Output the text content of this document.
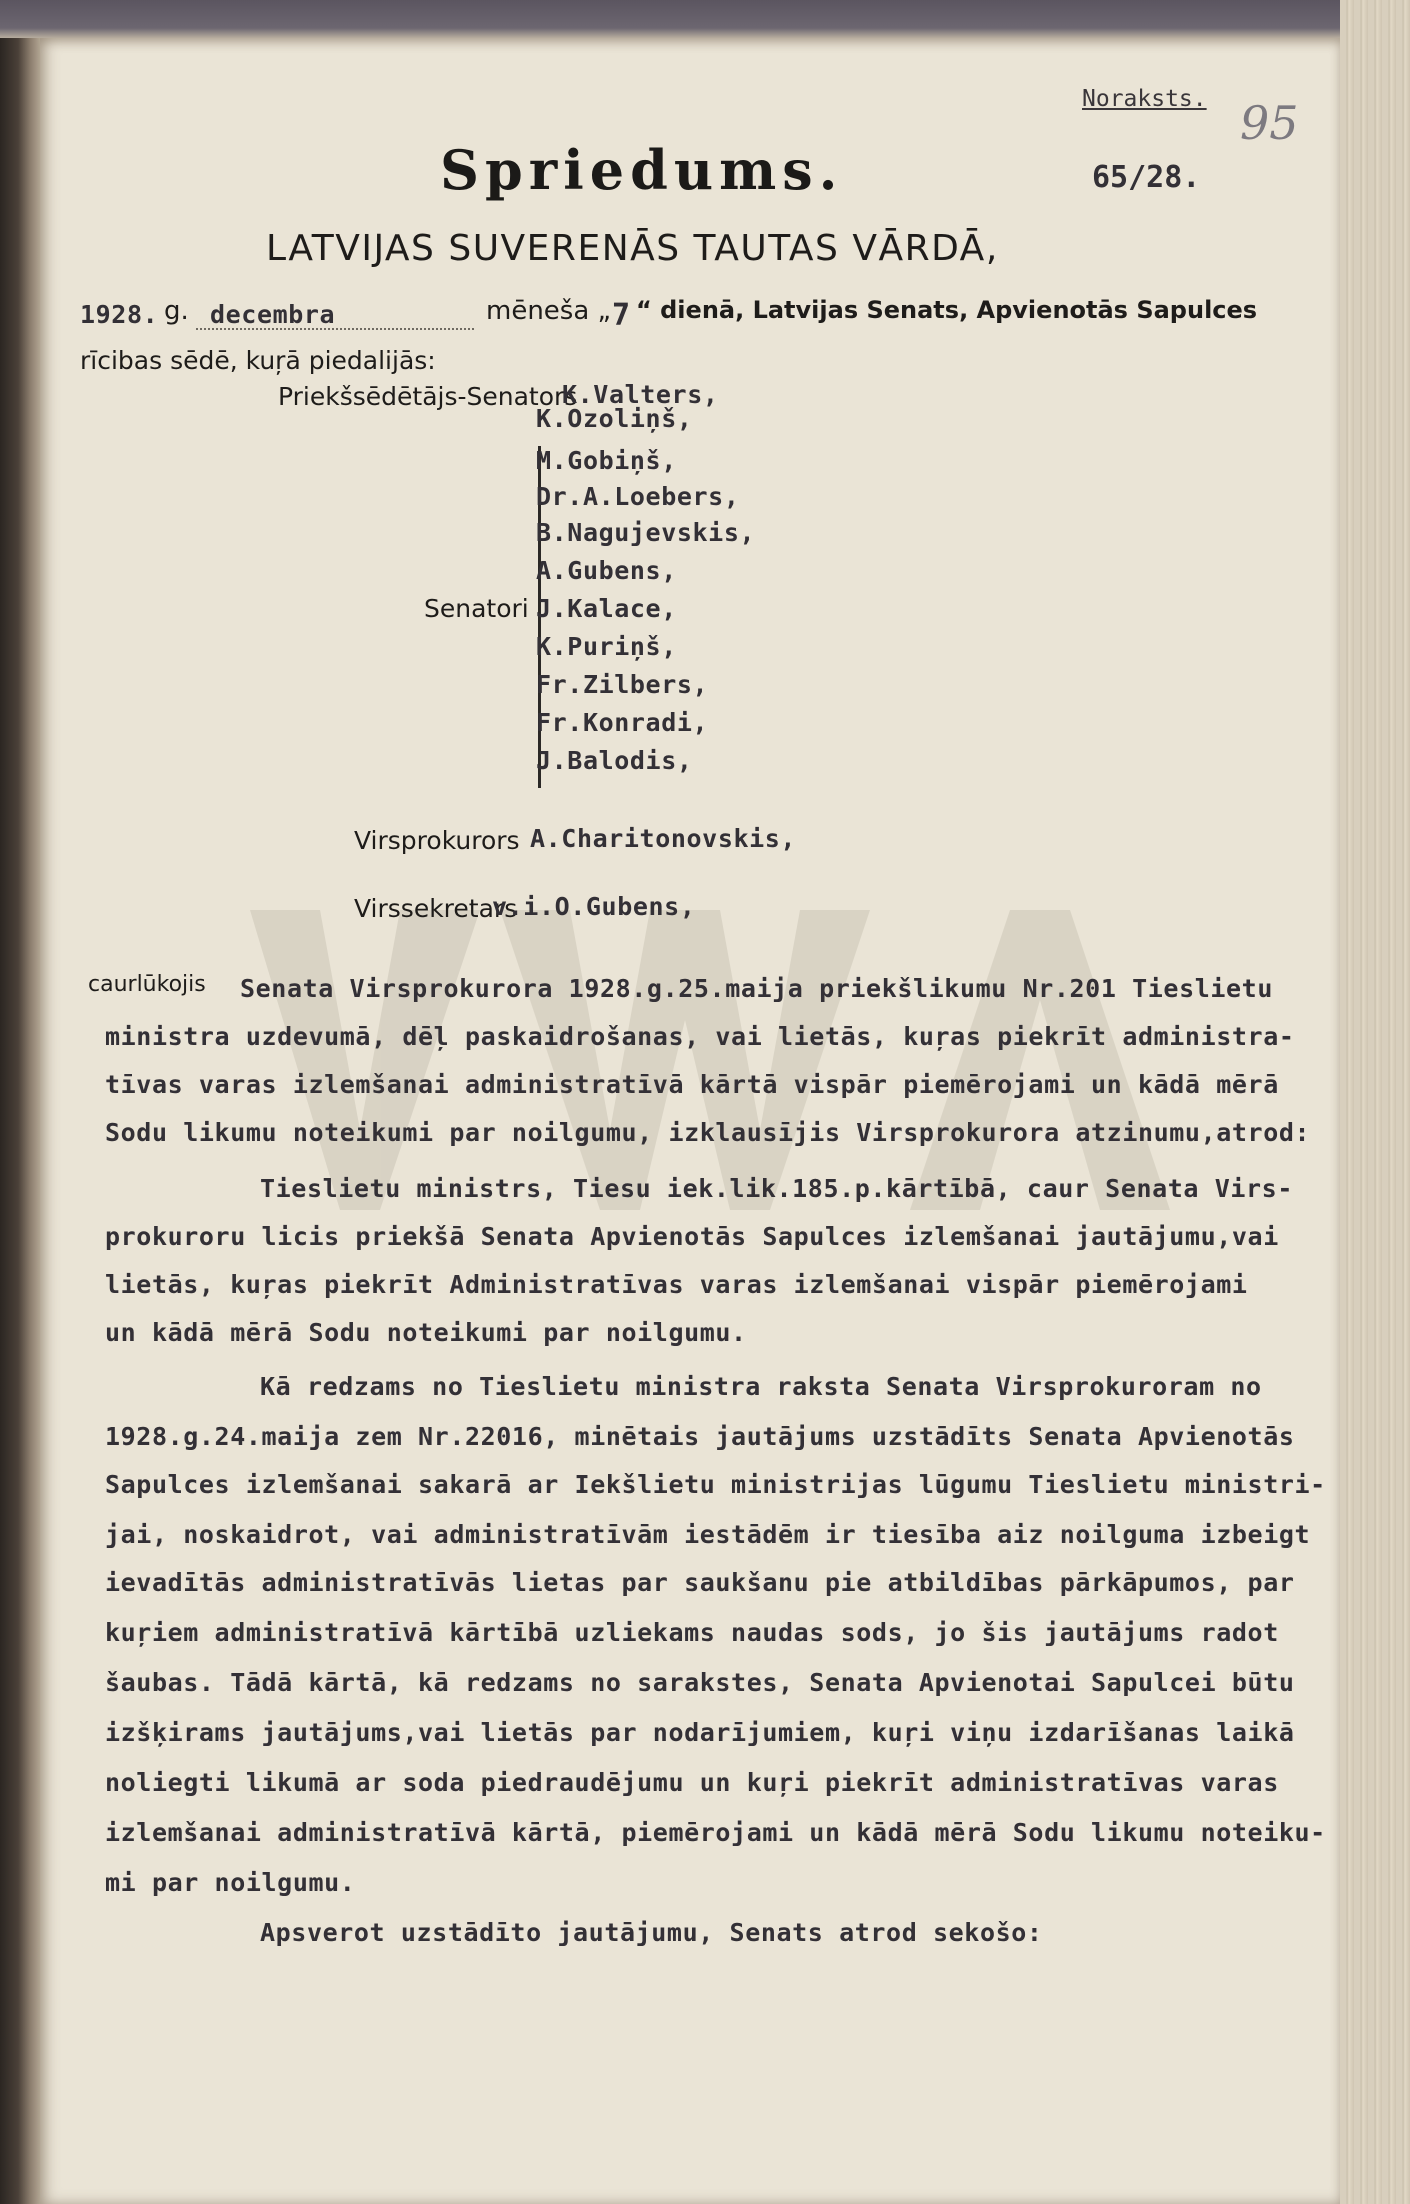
Noraksts. 95
Spriedums.	65/28.
LATVIJAS SUVERENĀS TAUTAS VĀRDĀ,
1928. g. decembra	mēneša „ 7 “ dienā, Latvijas Senats, Apvienotās Sapulces
rīcibas sēdē, kuŗā piedalijās:
Priekšsēdētājs-Senators
K.Valters,
Senatori
K.Ozoliņš,
M.Gobiņš,
Dr.A.Loebers,
B.Nagujevskis,
A.Gubens,
J.Kalace,
K.Puriņš,
Fr.Zilbers,
Fr.Konradi,
J.Balodis,
Virsprokurors A.Charitonovskis,
Virssekretars
v.i.O.Gubens,
caurlūkojis Senata Virsprokurora 1928.g.25.maija priekšlikumu Nr.201 Tieslietu
ministra uzdevumā, dēļ paskaidrošanas, vai lietās, kuŗas piekrīt administra-
tīvas varas izlemšanai administratīvā kārtā vispār piemērojami un kādā mērā
Sodu likumu noteikumi par noilgumu, izklausījis Virsprokurora atzinumu,atrod:
Tieslietu ministrs, Tiesu iek.lik.185.p.kārtībā, caur Senata Virs-
prokuroru licis priekšā Senata Apvienotās Sapulces izlemšanai jautājumu,vai
lietās, kuŗas piekrīt Administratīvas varas izlemšanai vispār piemērojami
un kādā mērā Sodu noteikumi par noilgumu.
Kā redzams no Tieslietu ministra raksta Senata Virsprokuroram no
1928.g.24.maija zem Nr.22016, minētais jautājums uzstādīts Senata Apvienotās
Sapulces izlemšanai sakarā ar Iekšlietu ministrijas lūgumu Tieslietu ministri-
jai, noskaidrot, vai administratīvām iestādēm ir tiesība aiz noilguma izbeigt
ievadītās administratīvās lietas par saukšanu pie atbildības pārkāpumos, par
kuŗiem administratīvā kārtībā uzliekams naudas sods, jo šis jautājums radot
šaubas. Tādā kārtā, kā redzams no sarakstes, Senata Apvienotai Sapulcei būtu
izšķirams jautājums,vai lietās par nodarījumiem, kuŗi viņu izdarīšanas laikā
noliegti likumā ar soda piedraudējumu un kuŗi piekrīt administratīvas varas
izlemšanai administratīvā kārtā, piemērojami un kādā mērā Sodu likumu noteiku-
mi par noilgumu.
Apsverot uzstādīto jautājumu, Senats atrod sekošo:
